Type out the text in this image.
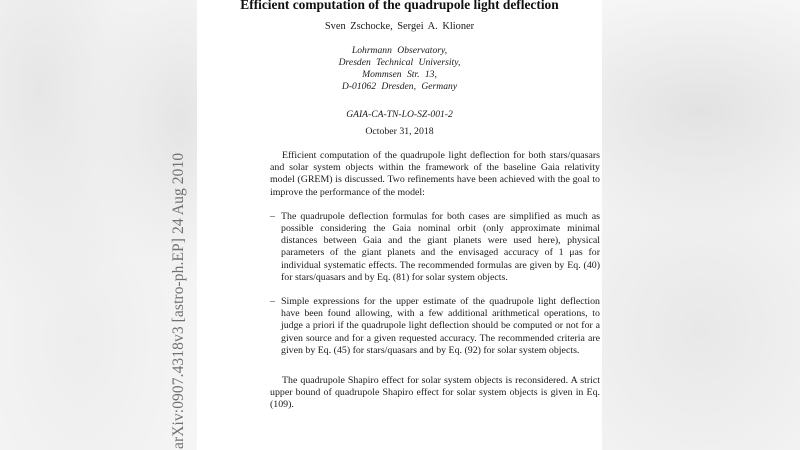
arXiv:0907.4318v3 [astro-ph.EP] 24 Aug 2010
Efficient computation of the quadrupole light deflection
Sven Zschocke, Sergei A. Klioner
Lohrmann Observatory,
Dresden Technical University,
Mommsen Str. 13,
D-01062 Dresden, Germany
GAIA-CA-TN-LO-SZ-001-2
October 31, 2018

Efficient computation of the quadrupole light deflection for both stars/quasars and solar system objects within the framework of the baseline Gaia relativity model (GREM) is discussed. Two refinements have been achieved with the goal to improve the performance of the model:

– The quadrupole deflection formulas for both cases are simplified as much as possible considering the Gaia nominal orbit (only approximate minimal distances between Gaia and the giant planets were used here), physical parameters of the giant planets and the envisaged accuracy of 1 μas for individual systematic effects. The recommended formulas are given by Eq. (40) for stars/quasars and by Eq. (81) for solar system objects.
– Simple expressions for the upper estimate of the quadrupole light deflection have been found allowing, with a few additional arithmetical operations, to judge a priori if the quadrupole light deflection should be computed or not for a given source and for a given requested accuracy. The recommended criteria are given by Eq. (45) for stars/quasars and by Eq. (92) for solar system objects.

The quadrupole Shapiro effect for solar system objects is reconsidered. A strict upper bound of quadrupole Shapiro effect for solar system objects is given in Eq. (109).
